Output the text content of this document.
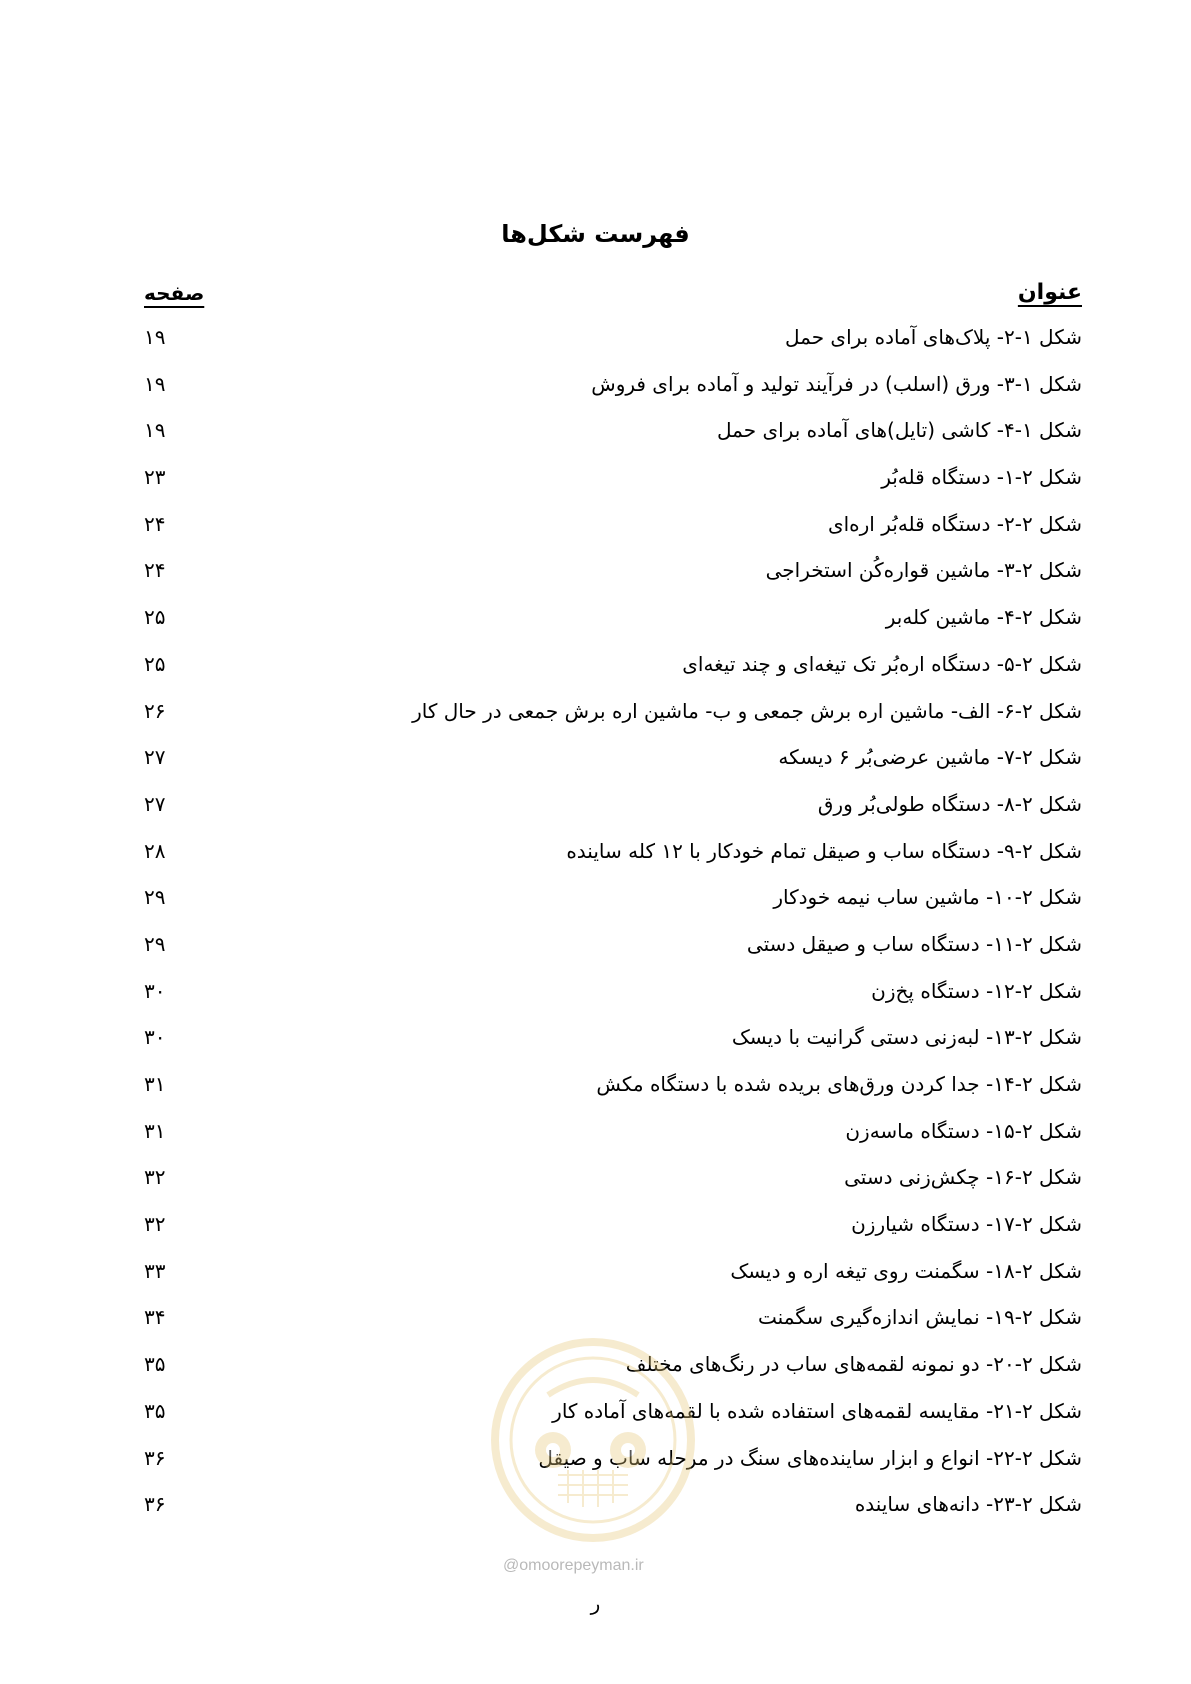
فهرست شکل‌ها
عنوان
صفحه
شکل ۱-۲- پلاک‌های آماده برای حمل
۱۹
شکل ۱-۳- ورق (اسلب) در فرآیند تولید و آماده برای فروش
۱۹
شکل ۱-۴- کاشی (تایل)های آماده برای حمل
۱۹
شکل ۲-۱- دستگاه قله‌بُر
۲۳
شکل ۲-۲- دستگاه قله‌بُر اره‌ای
۲۴
شکل ۲-۳- ماشین قواره‌کُن استخراجی
۲۴
شکل ۲-۴- ماشین کله‌بر
۲۵
شکل ۲-۵- دستگاه اره‌بُر تک تیغه‌ای و چند تیغه‌ای
۲۵
شکل ۲-۶- الف- ماشین اره برش جمعی و ب- ماشین اره برش جمعی در حال کار
۲۶
شکل ۲-۷- ماشین عرضی‌بُر ۶ دیسکه
۲۷
شکل ۲-۸- دستگاه طولی‌بُر ورق
۲۷
شکل ۲-۹- دستگاه ساب و صیقل تمام خودکار با ۱۲ کله ساینده
۲۸
شکل ۲-۱۰- ماشین ساب نیمه خودکار
۲۹
شکل ۲-۱۱- دستگاه ساب و صیقل دستی
۲۹
شکل ۲-۱۲- دستگاه پخ‌زن
۳۰
شکل ۲-۱۳- لبه‌زنی دستی گرانیت با دیسک
۳۰
شکل ۲-۱۴- جدا کردن ورق‌های بریده شده با دستگاه مکش
۳۱
شکل ۲-۱۵- دستگاه ماسه‌زن
۳۱
شکل ۲-۱۶- چکش‌زنی دستی
۳۲
شکل ۲-۱۷- دستگاه شیارزن
۳۲
شکل ۲-۱۸- سگمنت روی تیغه اره و دیسک
۳۳
شکل ۲-۱۹- نمایش اندازه‌گیری سگمنت
۳۴
شکل ۲-۲۰- دو نمونه لقمه‌های ساب در رنگ‌های مختلف
۳۵
شکل ۲-۲۱- مقایسه لقمه‌های استفاده شده با لقمه‌های آماده کار
۳۵
شکل ۲-۲۲- انواع و ابزار ساینده‌های سنگ در مرحله ساب و صیقل
۳۶
شکل ۲-۲۳- دانه‌های ساینده
۳۶
@omoorepeyman.ir
ر
